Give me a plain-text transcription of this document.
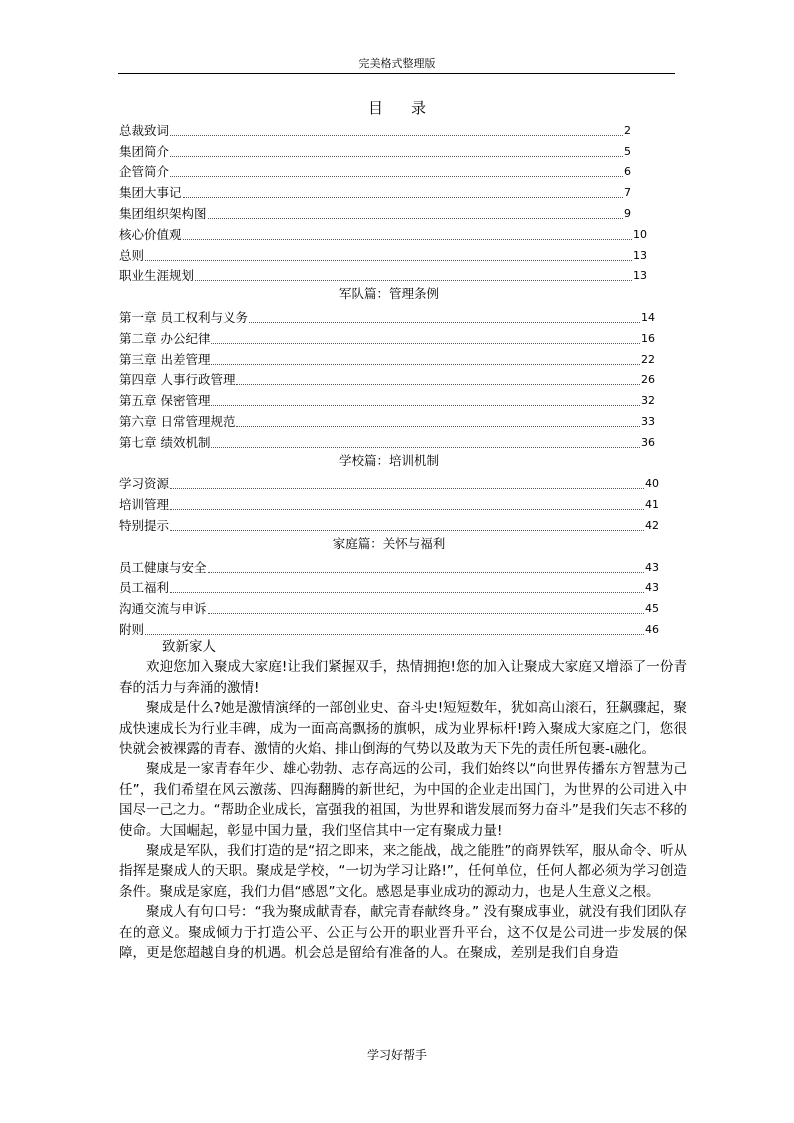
完美格式整理版
目 录
总裁致词	2
集团简介	5
企管简介	6
集团大事记	7
集团组织架构图	9
核心价值观	10
总则	13
职业生涯规划	13
军队篇：管理条例
第一章 员工权利与义务	14
第二章 办公纪律	16
第三章 出差管理	22
第四章 人事行政管理	26
第五章 保密管理	32
第六章 日常管理规范	33
第七章 绩效机制	36
学校篇：培训机制
学习资源	40
培训管理	41
特别提示	42
家庭篇：关怀与福利
员工健康与安全	43
员工福利	43
沟通交流与申诉	45
附则	46
致新家人

欢迎您加入聚成大家庭!让我们紧握双手，热情拥抱!您的加入让聚成大家庭又增添了一份青春的活力与奔涌的激情!

聚成是什么?她是激情演绎的一部创业史、奋斗史!短短数年，犹如高山滚石，狂飙骤起，聚成快速成长为行业丰碑，成为一面高高飘扬的旗帜，成为业界标杆!跨入聚成大家庭之门，您很快就会被裸露的青春、激情的火焰、排山倒海的气势以及敢为天下先的责任所包裹-ι融化。

聚成是一家青春年少、雄心勃勃、志存高远的公司，我们始终以“向世界传播东方智慧为己任”，我们希望在风云激荡、四海翻腾的新世纪，为中国的企业走出国门，为世界的公司进入中国尽一己之力。“帮助企业成长，富强我的祖国，为世界和谐发展而努力奋斗”是我们矢志不移的使命。大国崛起，彰显中国力量，我们坚信其中一定有聚成力量!

聚成是军队，我们打造的是“招之即来，来之能战，战之能胜”的商界铁军，服从命令、听从指挥是聚成人的天职。聚成是学校，“一切为学习让路!”，任何单位，任何人都必须为学习创造条件。聚成是家庭，我们力倡“感恩”文化。感恩是事业成功的源动力，也是人生意义之根。

聚成人有句口号：“我为聚成献青春，献完青春献终身。” 没有聚成事业，就没有我们团队存在的意义。聚成倾力于打造公平、公正与公开的职业晋升平台，这不仅是公司进一步发展的保障，更是您超越自身的机遇。机会总是留给有准备的人。在聚成，差别是我们自身造

学习好帮手
